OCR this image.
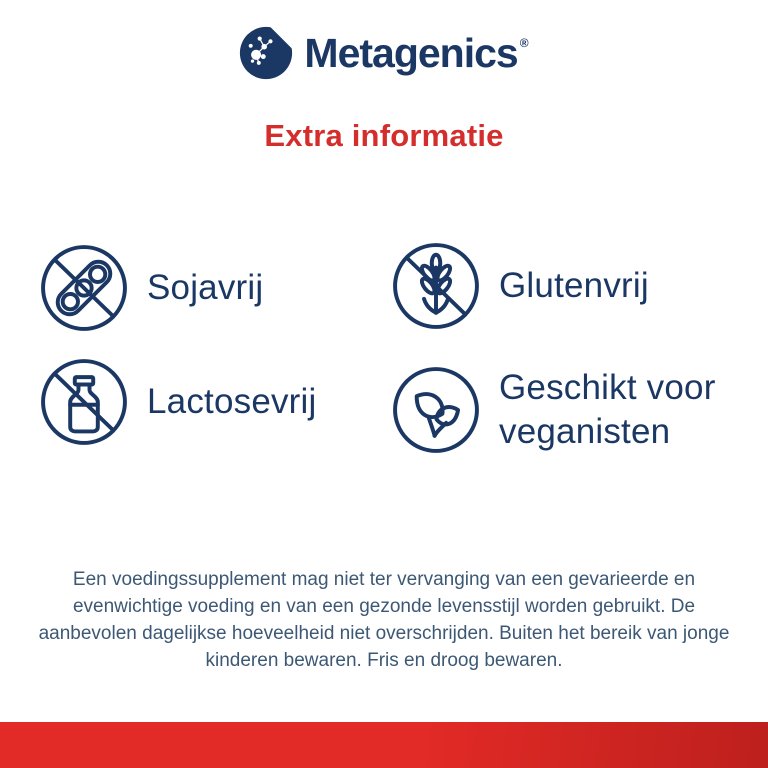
Metagenics ®
Extra informatie
Sojavrij	Glutenvrij
Lactosevrij	Geschikt voor veganisten

Een voedingssupplement mag niet ter vervanging van een gevarieerde en evenwichtige voeding en van een gezonde levensstijl worden gebruikt. De aanbevolen dagelijkse hoeveelheid niet overschrijden. Buiten het bereik van jonge kinderen bewaren. Fris en droog bewaren.
